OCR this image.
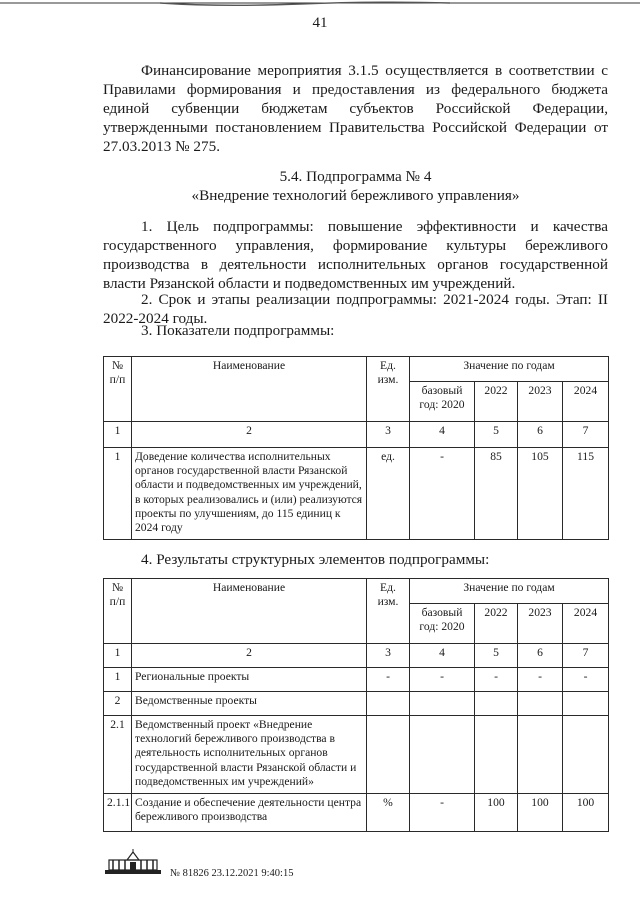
41

Финансирование мероприятия 3.1.5 осуществляется в соответствии с Правилами формирования и предоставления из федерального бюджета единой субвенции бюджетам субъектов Российской Федерации, утвержденными постановлением Правительства Российской Федерации от 27.03.2013 № 275.

5.4. Подпрограмма № 4

«Внедрение технологий бережливого управления»

1. Цель подпрограммы: повышение эффективности и качества государственного управления, формирование культуры бережливого производства в деятельности исполнительных органов государственной власти Рязанской области и подведомственных им учреждений.

2. Срок и этапы реализации подпрограммы: 2021-2024 годы. Этап: II 2022-2024 годы.

3. Показатели подпрограммы:

№ п/п	Наименование	Ед. изм.	Значение по годам			
			базовый год: 2020	2022	2023	2024
1	2	3	4	5	6	7
1	Доведение количества исполнительных органов государственной власти Рязанской области и подведомственных им учреждений, в которых реализовались и (или) реализуются проекты по улучшениям, до 115 единиц к 2024 году	ед.	-	85	105	115

4. Результаты структурных элементов подпрограммы:

№ п/п	Наименование	Ед. изм.	Значение по годам			
			базовый год: 2020	2022	2023	2024
1	2	3	4	5	6	7
1	Региональные проекты	-	-	-	-	-
2	Ведомственные проекты					
2.1	Ведомственный проект «Внедрение технологий бережливого производства в деятельность исполнительных органов государственной власти Рязанской области и подведомственных им учреждений»					
2.1.1	Создание и обеспечение деятельности центра бережливого производства	%	-	100	100	100
№ 81826 23.12.2021 9:40:15
